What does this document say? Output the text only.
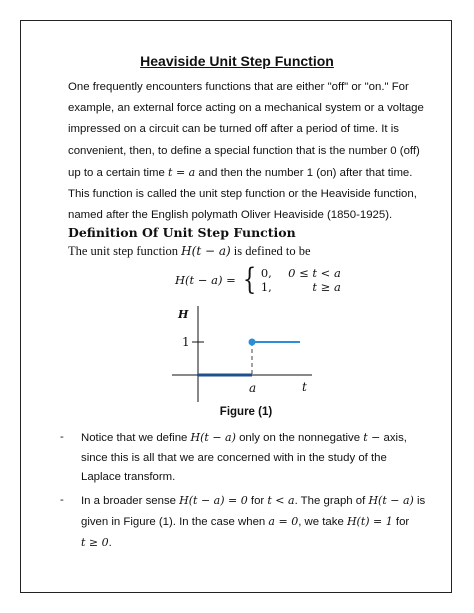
Heaviside Unit Step Function
One frequently encounters functions that are either "off" or "on." For
example, an external force acting on a mechanical system or a voltage
impressed on a circuit can be turned off after a period of time. It is
convenient, then, to define a special function that is the number 0 (off)
up to a certain time t = a and then the number 1 (on) after that time.
This function is called the unit step function or the Heaviside function,
named after the English polymath Oliver Heaviside (1850-1925).
Definition Of Unit Step Function
The unit step function H(t − a) is defined to be
H(t − a) = { 0,	0 ≤ t < a
1,	t ≥ a
H
1
a	t
Figure (1)
- Notice that we define H(t − a) only on the nonnegative t − axis,
since this is all that we are concerned with in the study of the
Laplace transform.
- In a broader sense H(t − a) = 0 for t < a. The graph of H(t − a) is
given in Figure (1). In the case when a = 0, we take H(t) = 1 for
t ≥ 0.
